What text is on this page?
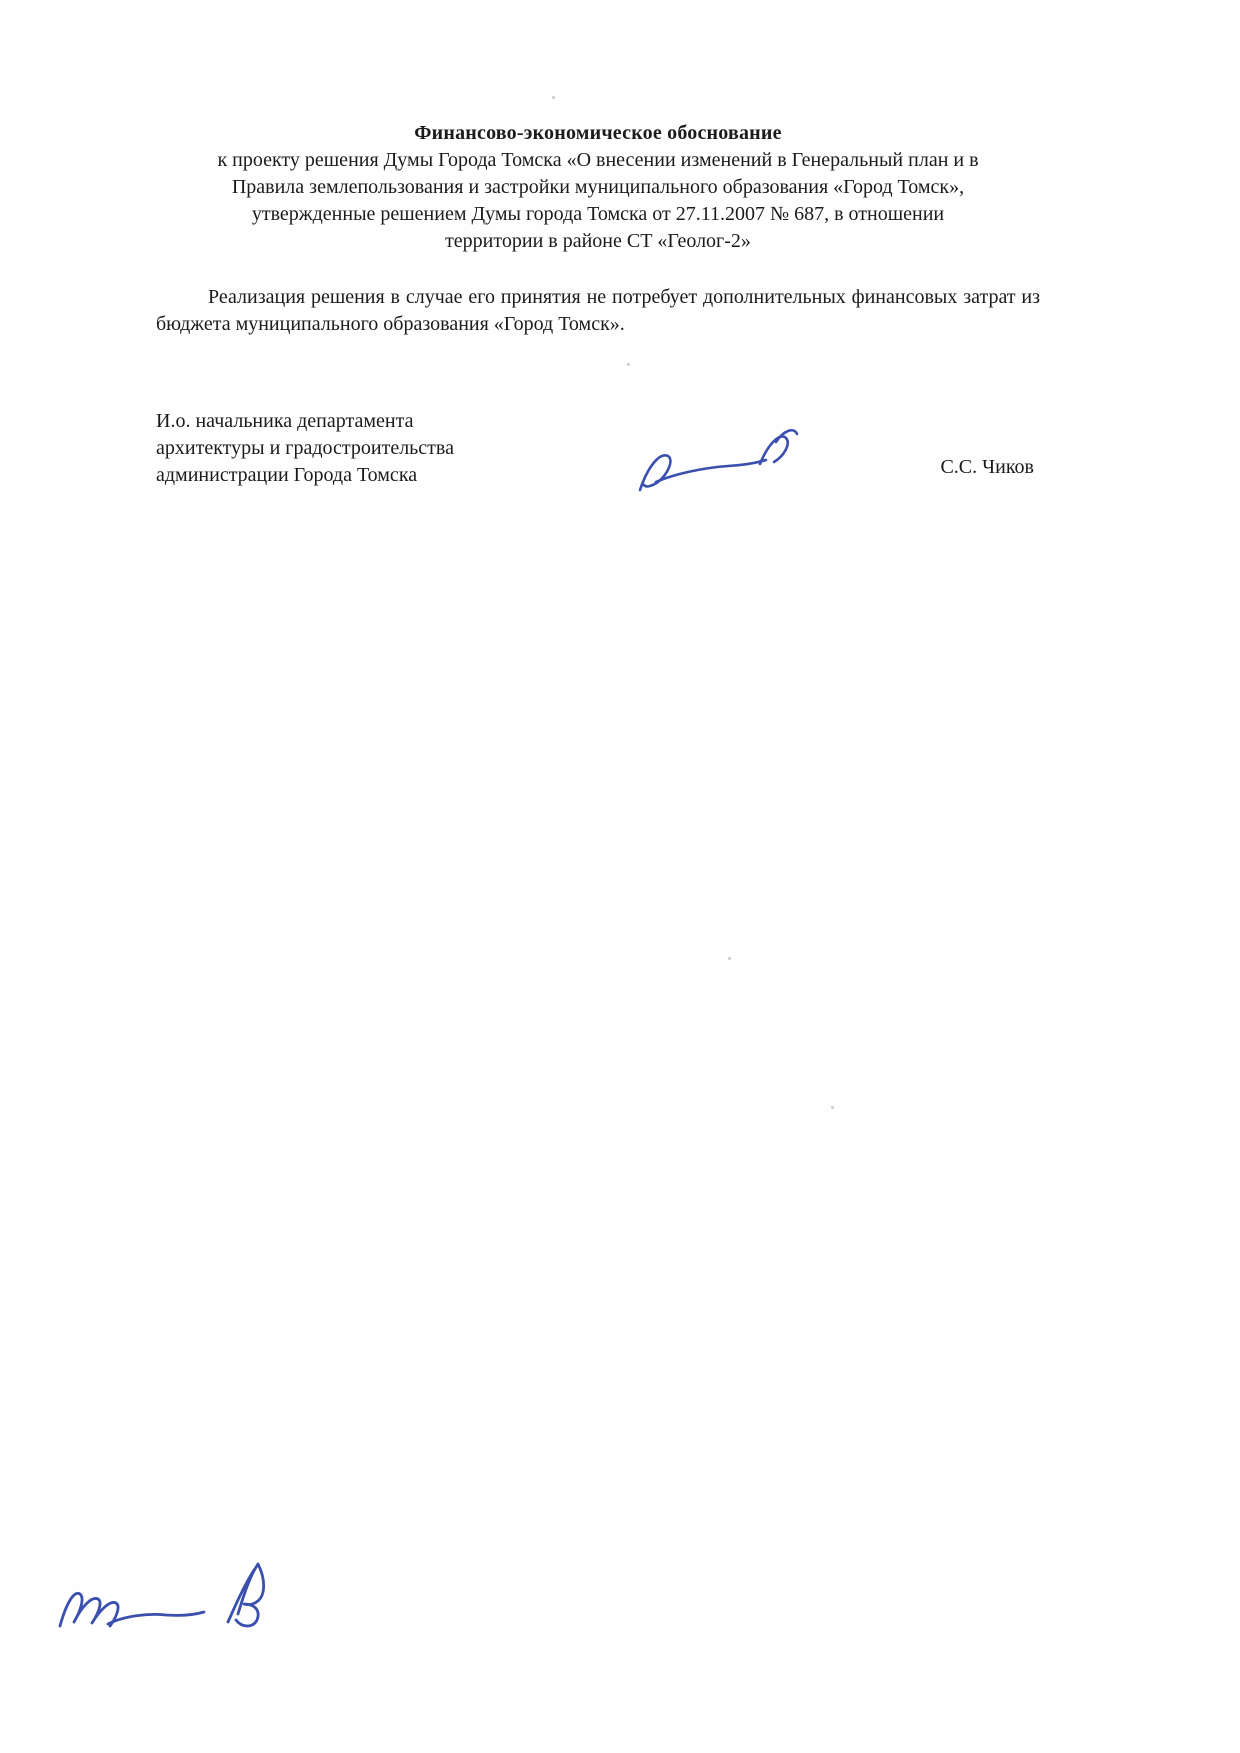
Финансово-экономическое обоснование
к проекту решения Думы Города Томска «О внесении изменений в Генеральный план и в
Правила землепользования и застройки муниципального образования «Город Томск»,
утвержденные решением Думы города Томска от 27.11.2007 № 687, в отношении
территории в районе СТ «Геолог-2»

Реализация решения в случае его принятия не потребует дополнительных финансовых затрат из бюджета муниципального образования «Город Томск».

И.о. начальника департамента
архитектуры и градостроительства
администрации Города Томска	С.С. Чиков
